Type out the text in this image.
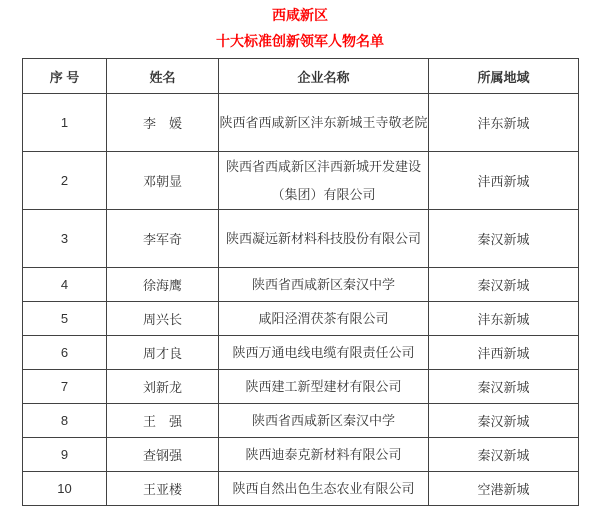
西咸新区
十大标准创新领军人物名单
序 号	姓名	企业名称	所属地域
1	李　媛	陕西省西咸新区沣东新城王寺敬老院	沣东新城
2	邓朝显	陕西省西咸新区沣西新城开发建设（集团）有限公司	沣西新城
3	李军奇	陕西凝远新材料科技股份有限公司	秦汉新城
4	徐海鹰	陕西省西咸新区秦汉中学	秦汉新城
5	周兴长	咸阳泾渭茯茶有限公司	沣东新城
6	周才良	陕西万通电线电缆有限责任公司	沣西新城
7	刘新龙	陕西建工新型建材有限公司	秦汉新城
8	王　强	陕西省西咸新区秦汉中学	秦汉新城
9	查钢强	陕西迪泰克新材料有限公司	秦汉新城
10	王亚楼	陕西自然出色生态农业有限公司	空港新城
